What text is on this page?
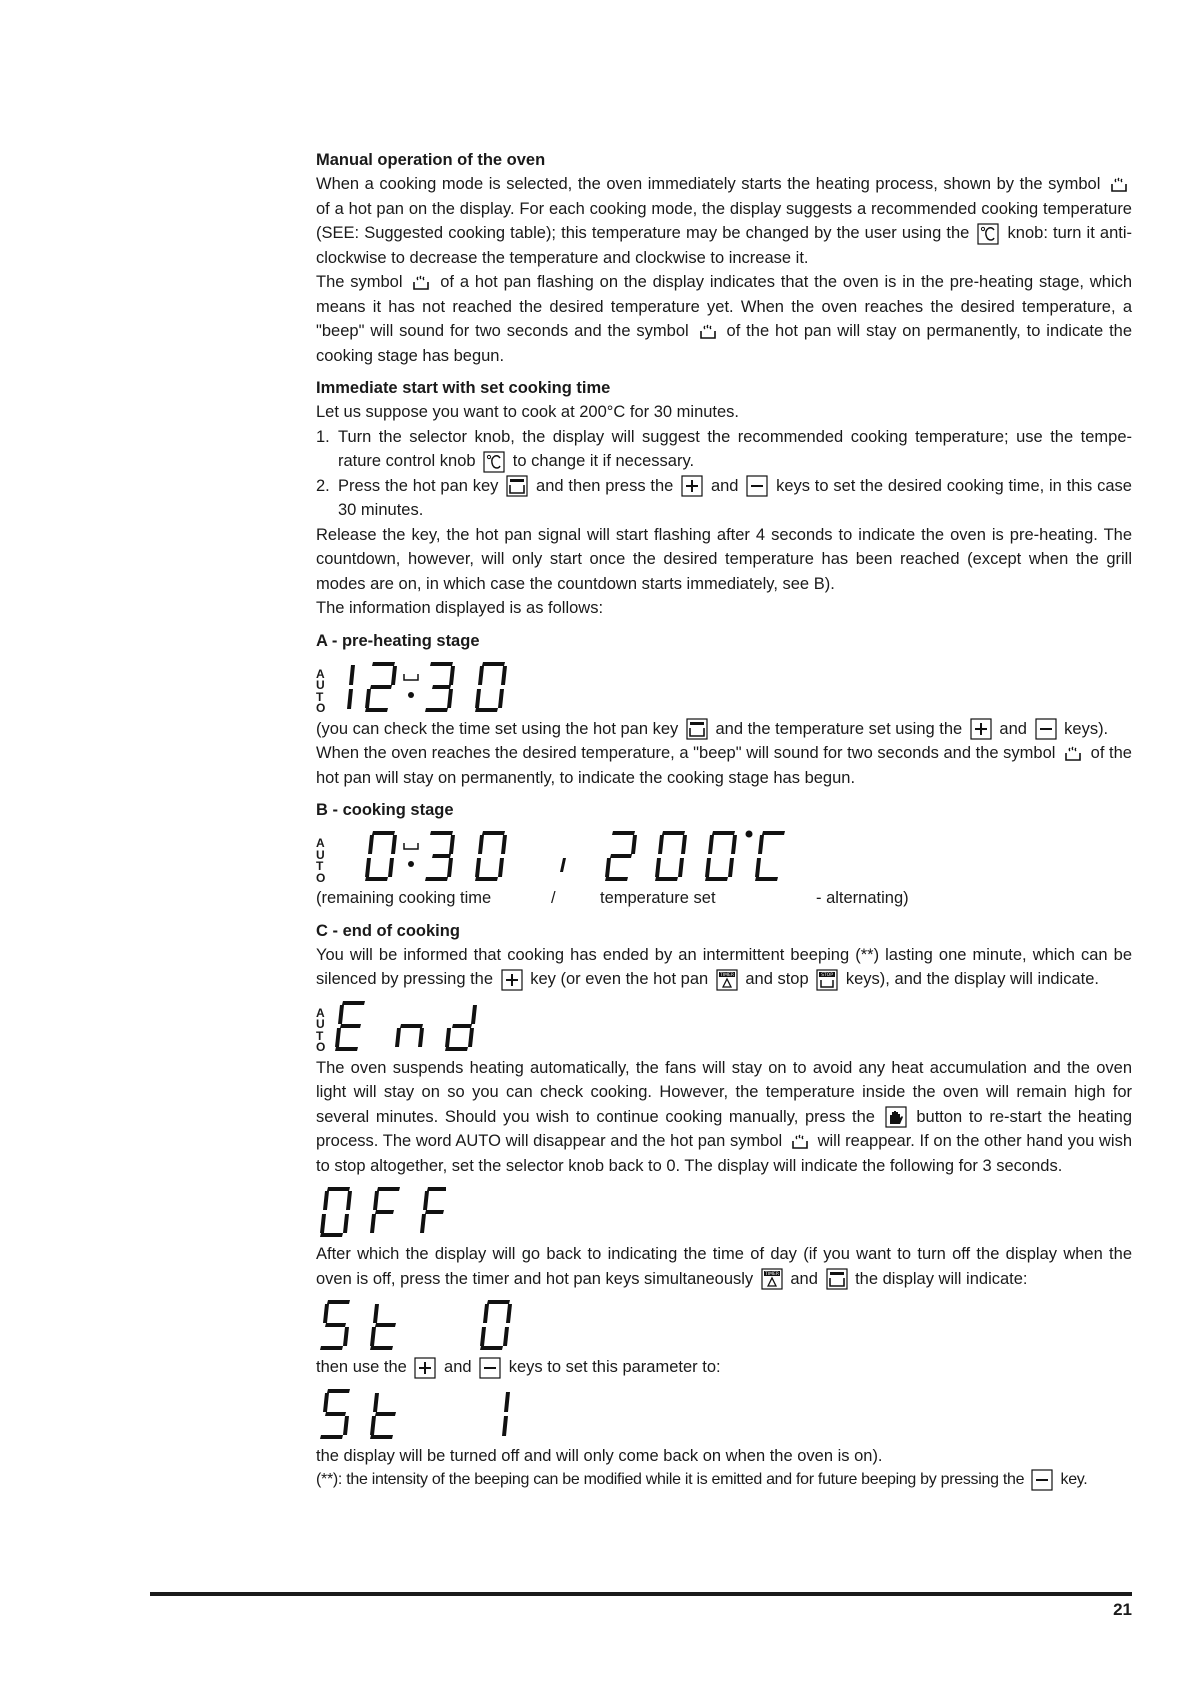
Manual operation of the oven

When a cooking mode is selected, the oven immediately starts the heating process, shown by the symbol
of a hot pan on the display. For each cooking mode, the display suggests a recommended cooking temperature (SEE: Suggested cooking table); this temperature may be changed by the user using the knob: turn it anti-clockwise to decrease the temperature and clockwise to increase it.

The symbol of a hot pan flashing on the display indicates that the oven is in the pre-heating stage, which means it has not reached the desired temperature yet. When the oven reaches the desired temperature, a "beep" will sound for two seconds and the symbol of the hot pan will stay on permanently, to indicate the cooking stage has begun.

Immediate start with set cooking time

Let us suppose you want to cook at 200°C for 30 minutes.

1. Turn the selector knob, the display will suggest the recommended cooking temperature; use the tempe-rature control knob to change it if necessary.
2. Press the hot pan key and then press the and keys to set the desired cooking time, in this case 30 minutes.

Release the key, the hot pan signal will start flashing after 4 seconds to indicate the oven is pre-heating. The countdown, however, will only start once the desired temperature has been reached (except when the grill modes are on, in which case the countdown starts immediately, see B).

The information displayed is as follows:

A - pre-heating stage
A
U
T
O

(you can check the time set using the hot pan key and the temperature set using the and keys).

When the oven reaches the desired temperature, a "beep" will sound for two seconds and the symbol of the hot pan will stay on permanently, to indicate the cooking stage has begun.

B - cooking stage
A
U
T
O
(remaining cooking time	/	temperature set	- alternating)
C - end of cooking

You will be informed that cooking has ended by an intermittent beeping (**) lasting one minute, which can be silenced by pressing the key (or even the hot pan	TIMER and stop	STOP keys), and the display will indicate.

A
U
T
O

The oven suspends heating automatically, the fans will stay on to avoid any heat accumulation and the oven light will stay on so you can check cooking. However, the temperature inside the oven will remain high for several minutes. Should you wish to continue cooking manually, press the	button to re-start the heating process. The word AUTO will disappear and the hot pan symbol will reappear. If on the other hand you wish to stop altogether, set the selector knob back to 0. The display will indicate the following for 3 seconds.

After which the display will go back to indicating the time of day (if you want to turn off the display when the oven is off, press the timer and hot pan keys simultaneously	TIMER and the display will indicate:

then use the and keys to set this parameter to:

the display will be turned off and will only come back on when the oven is on).

(**): the intensity of the beeping can be modified while it is emitted and for future beeping by pressing the key.

21
